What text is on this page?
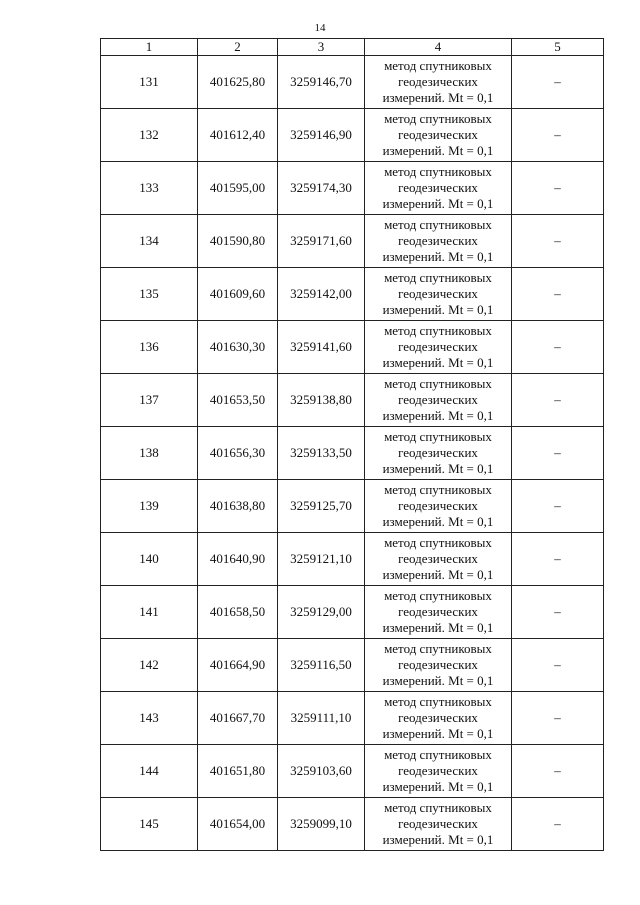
14
1	2	3	4	5
131	401625,80	3259146,70	метод спутниковых
геодезических
измерений. Mt = 0,1	–
132	401612,40	3259146,90	метод спутниковых
геодезических
измерений. Mt = 0,1	–
133	401595,00	3259174,30	метод спутниковых
геодезических
измерений. Mt = 0,1	–
134	401590,80	3259171,60	метод спутниковых
геодезических
измерений. Mt = 0,1	–
135	401609,60	3259142,00	метод спутниковых
геодезических
измерений. Mt = 0,1	–
136	401630,30	3259141,60	метод спутниковых
геодезических
измерений. Mt = 0,1	–
137	401653,50	3259138,80	метод спутниковых
геодезических
измерений. Mt = 0,1	–
138	401656,30	3259133,50	метод спутниковых
геодезических
измерений. Mt = 0,1	–
139	401638,80	3259125,70	метод спутниковых
геодезических
измерений. Mt = 0,1	–
140	401640,90	3259121,10	метод спутниковых
геодезических
измерений. Mt = 0,1	–
141	401658,50	3259129,00	метод спутниковых
геодезических
измерений. Mt = 0,1	–
142	401664,90	3259116,50	метод спутниковых
геодезических
измерений. Mt = 0,1	–
143	401667,70	3259111,10	метод спутниковых
геодезических
измерений. Mt = 0,1	–
144	401651,80	3259103,60	метод спутниковых
геодезических
измерений. Mt = 0,1	–
145	401654,00	3259099,10	метод спутниковых
геодезических
измерений. Mt = 0,1	–
